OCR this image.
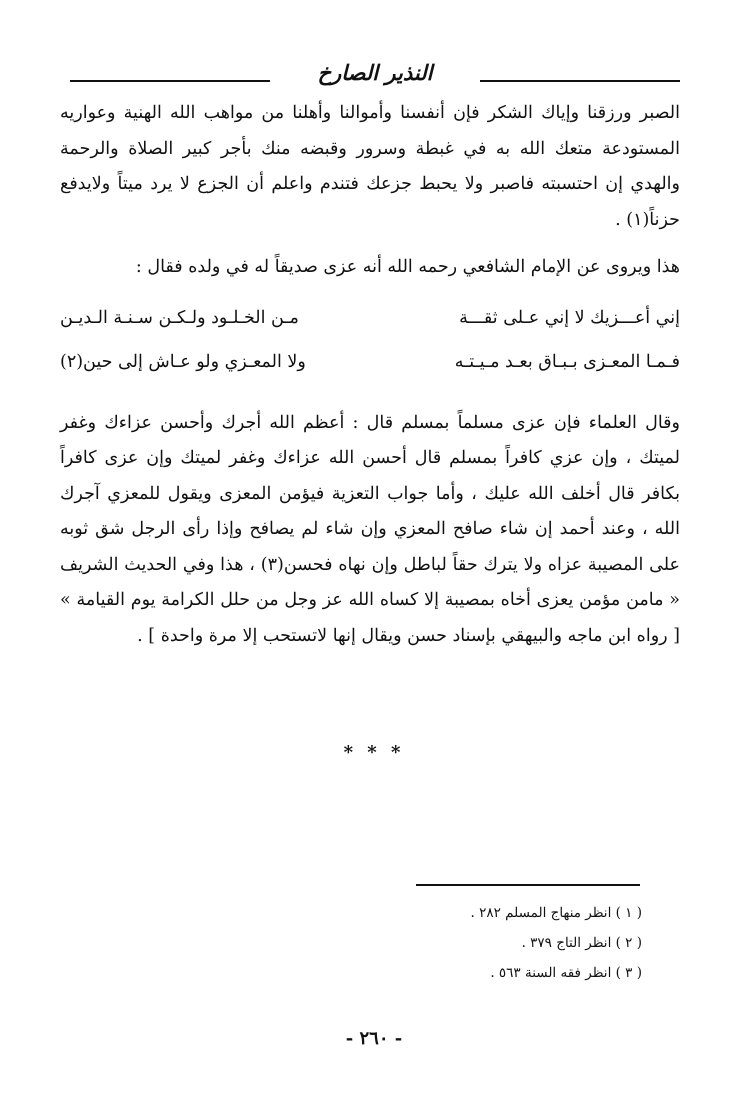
النذير الصارخ

الصبر ورزقنا وإياك الشكر فإن أنفسنا وأموالنا وأهلنا من مواهب الله الهنية وعواريه المستودعة متعك الله به في غبطة وسرور وقبضه منك بأجر كبير الصلاة والرحمة والهدي إن احتسبته فاصبر ولا يحبط جزعك فتندم واعلم أن الجزع لا يرد ميتاً ولايدفع حزناً(١) .

هذا ويروى عن الإمام الشافعي رحمه الله أنه عزى صديقاً له في ولده فقال :

إني أعـــزيك لا إني عـلى ثقـــة
مـن الخـلـود ولـكـن سـنـة الـديـن
فـمـا المعـزى بـبـاق بعـد مـيـتـه
ولا المعـزي ولو عـاش إلى حين(٢)

وقال العلماء فإن عزى مسلماً بمسلم قال : أعظم الله أجرك وأحسن عزاءك وغفر لميتك ، وإن عزي كافراً بمسلم قال أحسن الله عزاءك وغفر لميتك وإن عزى كافراً بكافر قال أخلف الله عليك ، وأما جواب التعزية فيؤمن المعزى ويقول للمعزي آجرك الله ، وعند أحمد إن شاء صافح المعزي وإن شاء لم يصافح وإذا رأى الرجل شق ثوبه على المصيبة عزاه ولا يترك حقاً لباطل وإن نهاه فحسن(٣) ، هذا وفي الحديث الشريف « مامن مؤمن يعزى أخاه بمصيبة إلا كساه الله عز وجل من حلل الكرامة يوم القيامة » [ رواه ابن ماجه والبيهقي بإسناد حسن ويقال إنها لاتستحب إلا مرة واحدة ] .

* * *
( ١ ) انظر منهاج المسلم ٢٨٢ .
( ٢ ) انظر التاج ٣٧٩ .
( ٣ ) انظر فقه السنة ٥٦٣ .
- ٢٦٠ -
